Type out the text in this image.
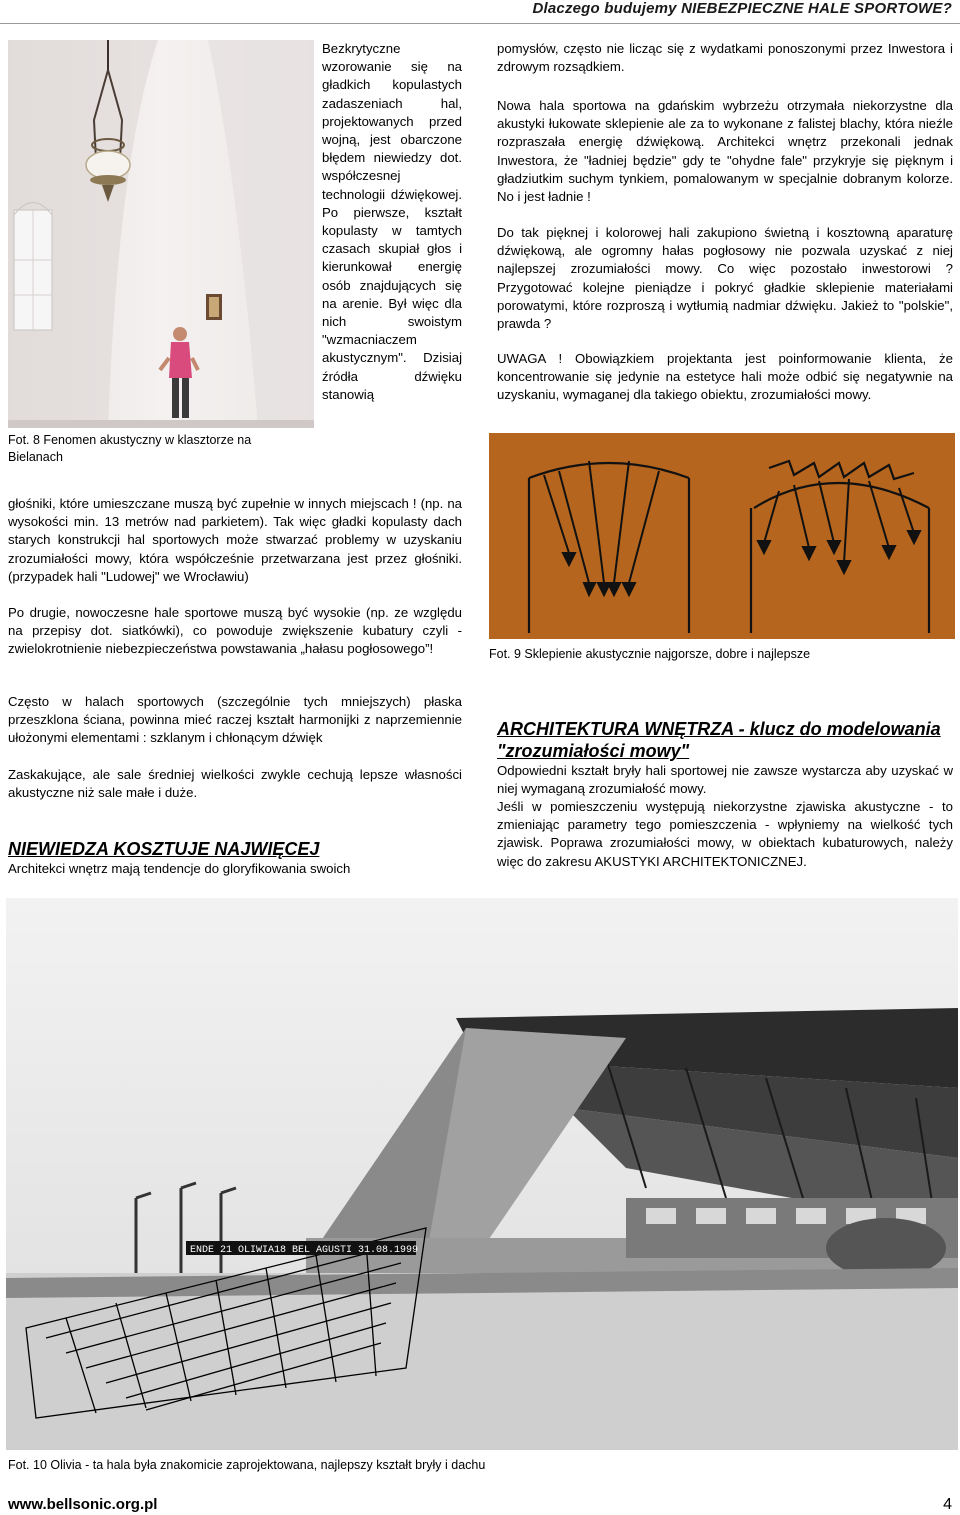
Dlaczego budujemy NIEBEZPIECZNE HALE SPORTOWE?
Bezkrytyczne wzorowanie się na gładkich kopulastych zadaszeniach hal, projektowanych przed wojną, jest obarczone błędem niewiedzy dot. współczesnej technologii dźwiękowej. Po pierwsze, kształt kopulasty w tamtych czasach skupiał głos i kierunkował energię osób znajdujących się na arenie. Był więc dla nich swoistym "wzmacniaczem akustycznym". Dzisiaj źródła dźwięku stanowią
Fot. 8 Fenomen akustyczny w klasztorze na Bielanach
głośniki, które umieszczane muszą być zupełnie w innych miejscach ! (np. na wysokości min. 13 metrów nad parkietem). Tak więc gładki kopulasty dach starych konstrukcji hal sportowych może stwarzać problemy w uzyskaniu zrozumiałości mowy, która współcześnie przetwarzana jest przez głośniki. (przypadek hali "Ludowej" we Wrocławiu)
Po drugie, nowoczesne hale sportowe muszą być wysokie (np. ze względu na przepisy dot. siatkówki), co powoduje zwiększenie kubatury czyli - zwielokrotnienie niebezpieczeństwa powstawania „hałasu pogłosowego”!
Często w halach sportowych (szczególnie tych mniejszych) płaska przeszklona ściana, powinna mieć raczej kształt harmonijki z naprzemiennie ułożonymi elementami : szklanym i chłonącym dźwięk
Zaskakujące, ale sale średniej wielkości zwykle cechują lepsze własności akustyczne niż sale małe i duże.
NIEWIEDZA KOSZTUJE NAJWIĘCEJ
Architekci wnętrz mają tendencje do gloryfikowania swoich
pomysłów, często nie licząc się z wydatkami ponoszonymi przez Inwestora i zdrowym rozsądkiem.
Nowa hala sportowa na gdańskim wybrzeżu otrzymała niekorzystne dla akustyki łukowate sklepienie ale za to wykonane z falistej blachy, która nieźle rozpraszała energię dźwiękową. Architekci wnętrz przekonali jednak Inwestora, że "ładniej będzie" gdy te "ohydne fale" przykryje się pięknym i gładziutkim suchym tynkiem, pomalowanym w specjalnie dobranym kolorze. No i jest ładnie !
Do tak pięknej i kolorowej hali zakupiono świetną i kosztowną aparaturę dźwiękową, ale ogromny hałas pogłosowy nie pozwala uzyskać z niej najlepszej zrozumiałości mowy. Co więc pozostało inwestorowi ? Przygotować kolejne pieniądze i pokryć gładkie sklepienie materiałami porowatymi, które rozproszą i wytłumią nadmiar dźwięku. Jakież to "polskie", prawda ?
UWAGA ! Obowiązkiem projektanta jest poinformowanie klienta, że koncentrowanie się jedynie na estetyce hali może odbić się negatywnie na uzyskaniu, wymaganej dla takiego obiektu, zrozumiałości mowy.
Fot. 9 Sklepienie akustycznie najgorsze, dobre i najlepsze
ARCHITEKTURA WNĘTRZA - klucz do modelowania "zrozumiałości mowy"
Odpowiedni kształt bryły hali sportowej nie zawsze wystarcza aby uzyskać w niej wymaganą zrozumiałość mowy.
Jeśli w pomieszczeniu występują niekorzystne zjawiska akustyczne - to zmieniając parametry tego pomieszczenia - wpłyniemy na wielkość tych zjawisk. Poprawa zrozumiałości mowy, w obiektach kubaturowych, należy więc do zakresu AKUSTYKI ARCHITEKTONICZNEJ.
ENDE 21 OLIWIA18 BEL AGUSTI 31.08.1999
Fot. 10 Olivia - ta hala była znakomicie zaprojektowana, najlepszy kształt bryły i dachu
www.bellsonic.org.pl	4
